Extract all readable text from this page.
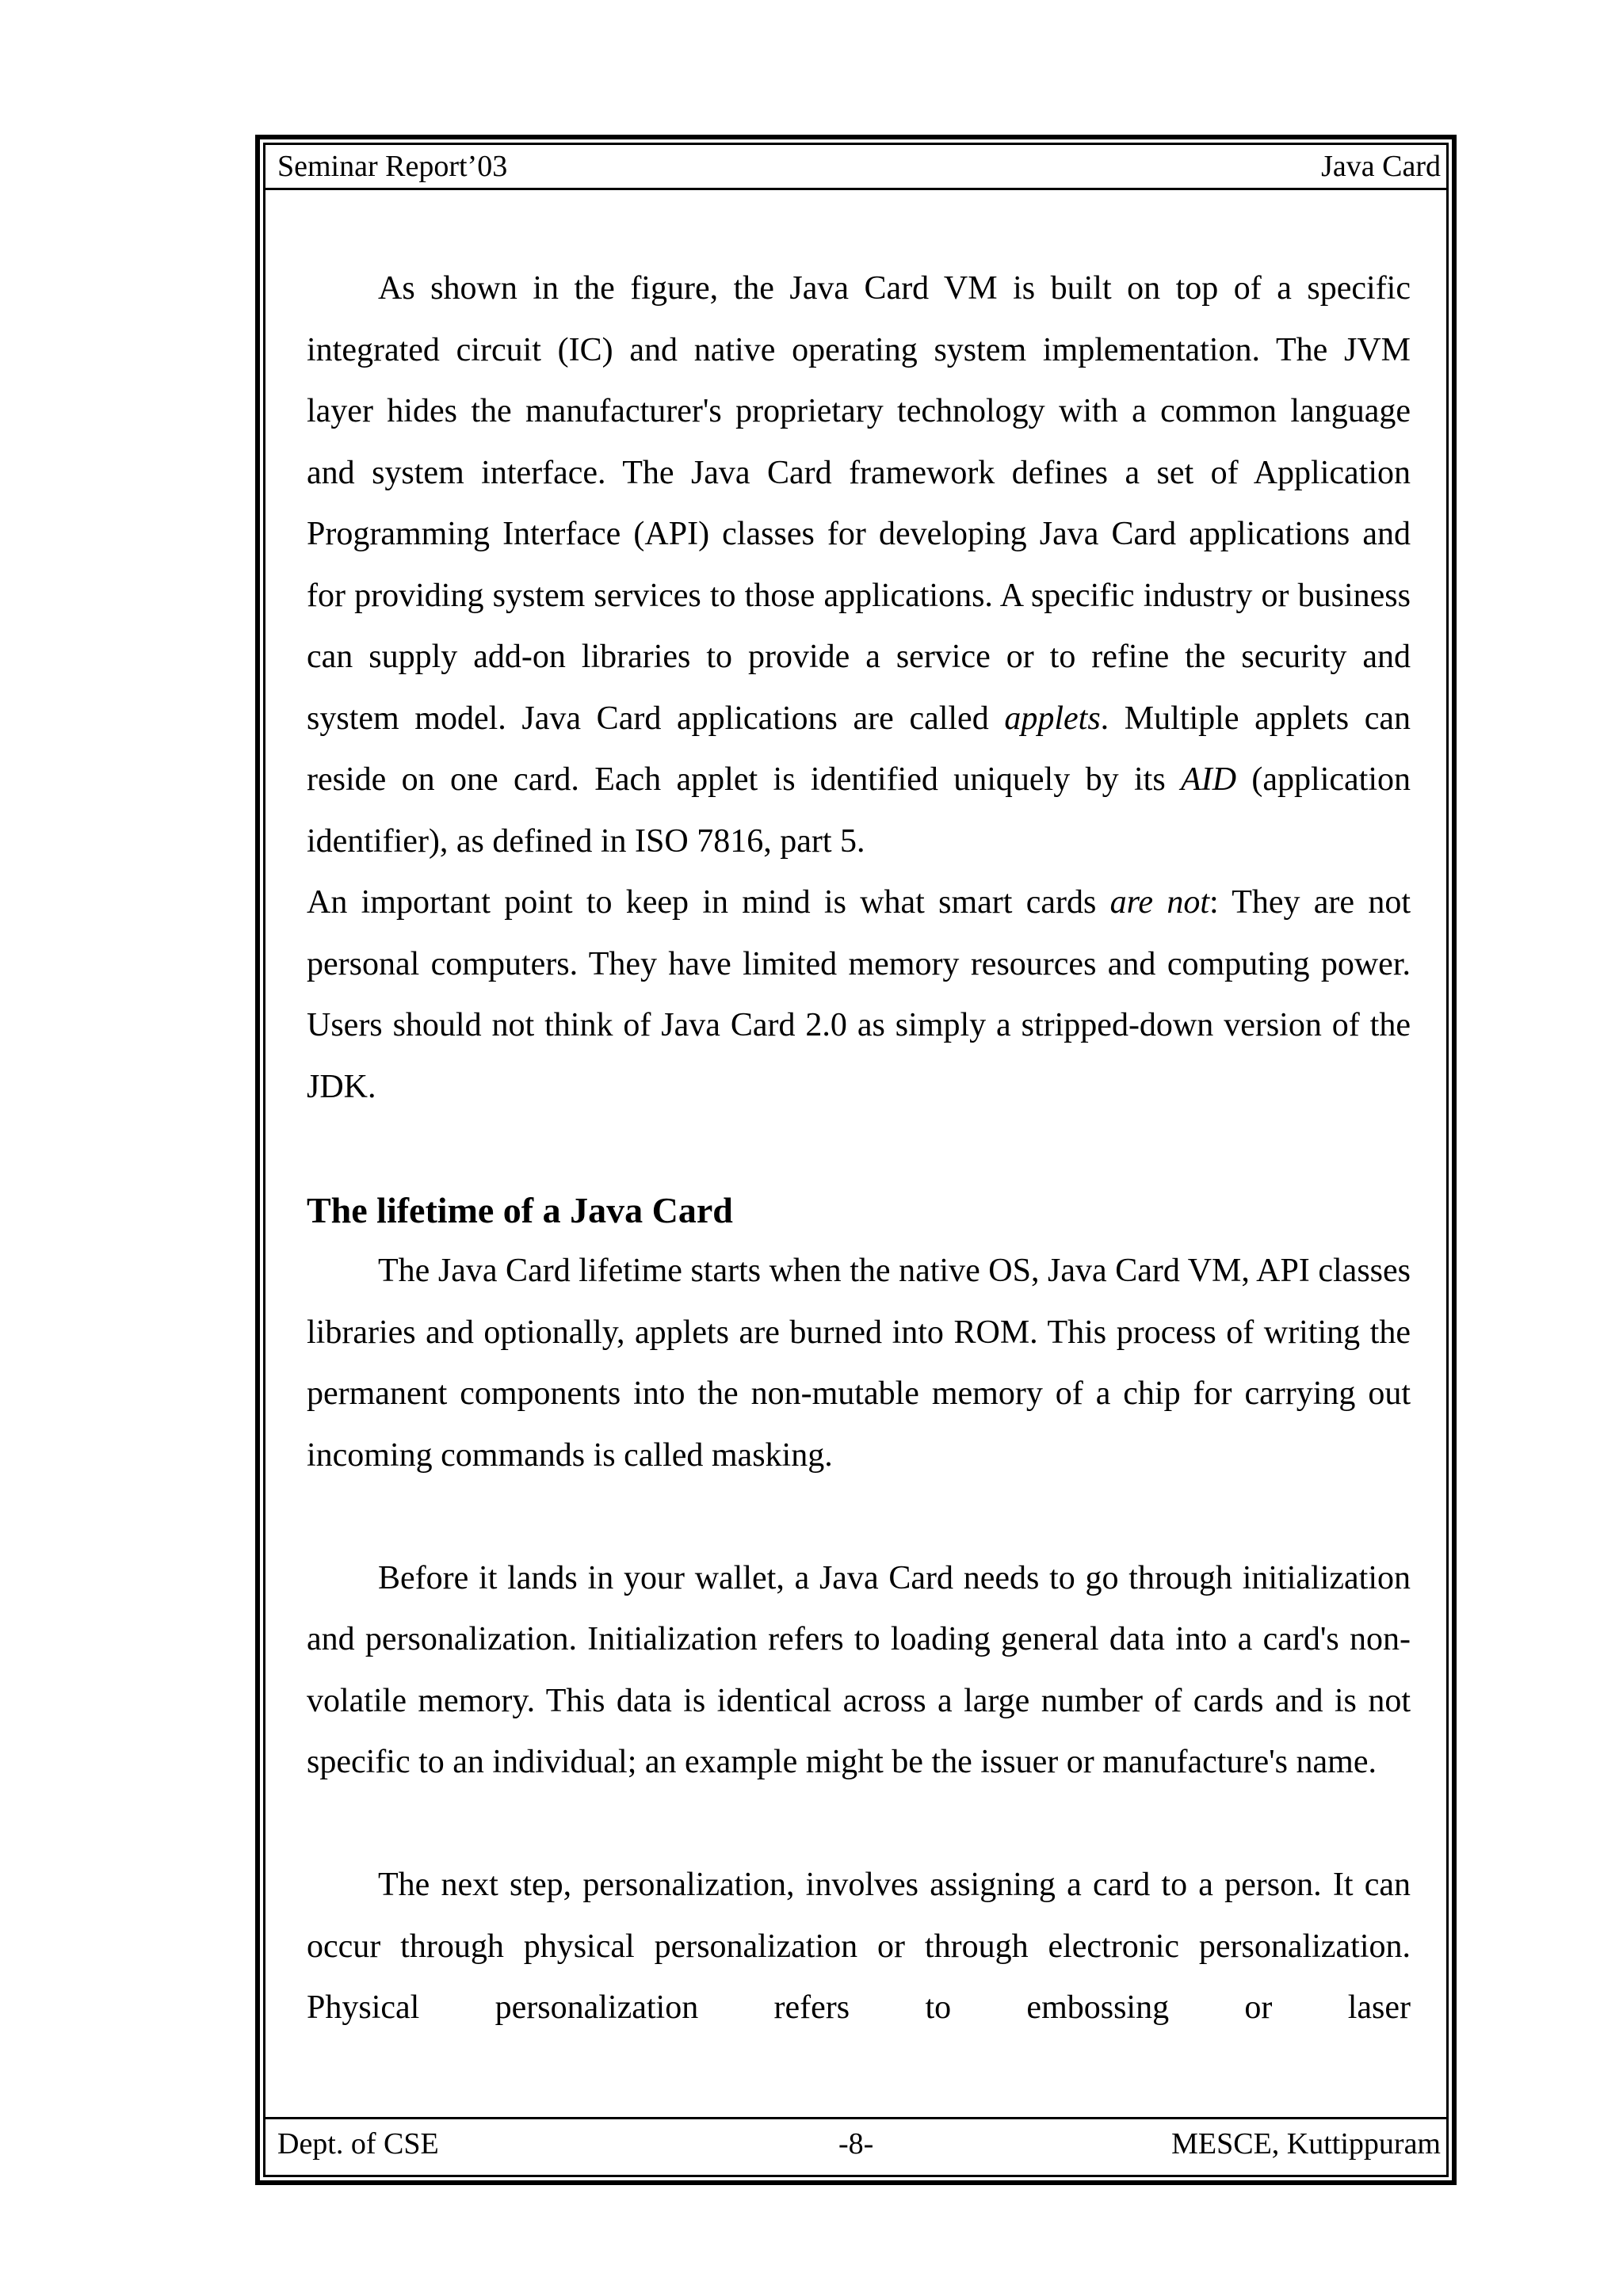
Seminar Report’03	Java Card

As shown in the figure, the Java Card VM is built on top of a specific integrated circuit (IC) and native operating system implementation. The JVM layer hides the manufacturer's proprietary technology with a common language and system interface. The Java Card framework defines a set of Application Programming Interface (API) classes for developing Java Card applications and for providing system services to those applications. A specific industry or business can supply add-on libraries to provide a service or to refine the security and system model. Java Card applications are called applets. Multiple applets can reside on one card. Each applet is identified uniquely by its AID (application identifier), as defined in ISO 7816, part 5.

An important point to keep in mind is what smart cards are not: They are not personal computers. They have limited memory resources and computing power. Users should not think of Java Card 2.0 as simply a stripped-down version of the JDK.

The lifetime of a Java Card

The Java Card lifetime starts when the native OS, Java Card VM, API classes libraries and optionally, applets are burned into ROM. This process of writing the permanent components into the non-mutable memory of a chip for carrying out incoming commands is called masking.

Before it lands in your wallet, a Java Card needs to go through initialization and personalization. Initialization refers to loading general data into a card's non-volatile memory. This data is identical across a large number of cards and is not specific to an individual; an example might be the issuer or manufacture's name.

The next step, personalization, involves assigning a card to a person. It can occur through physical personalization or through electronic personalization. Physical personalization refers to embossing or laser

Dept. of CSE	-8-	MESCE, Kuttippuram
